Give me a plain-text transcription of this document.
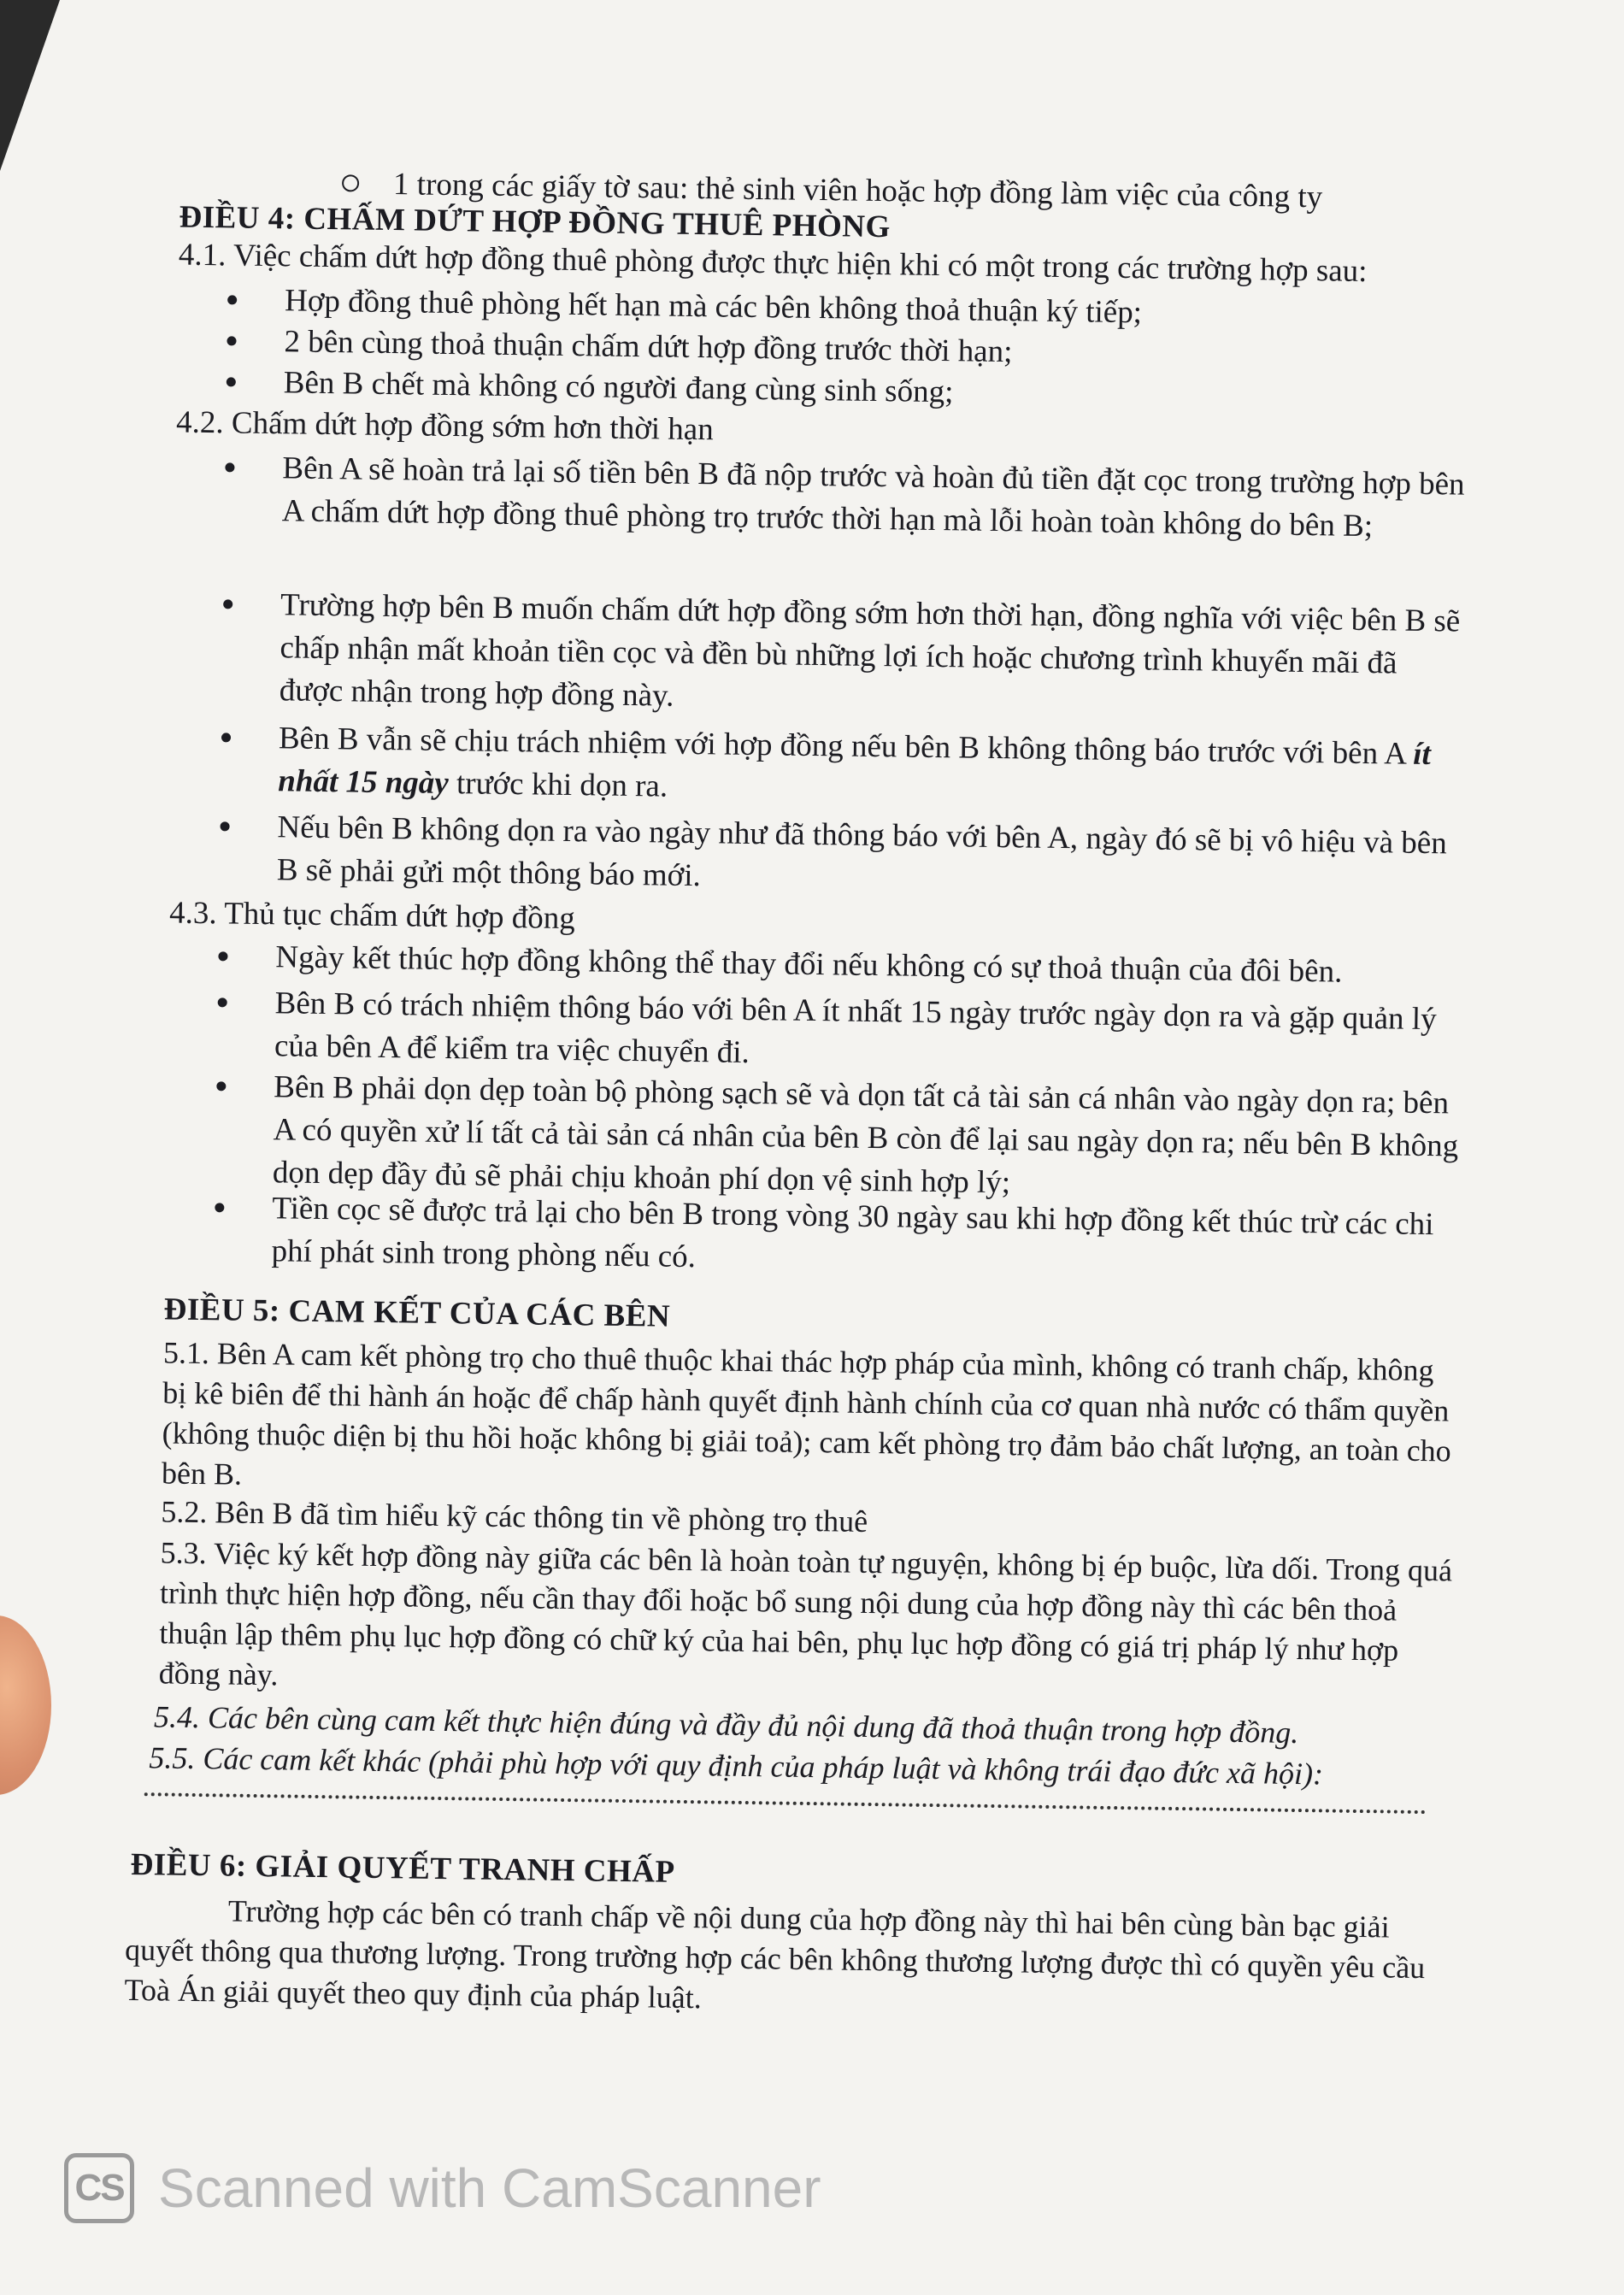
1 trong các giấy tờ sau: thẻ sinh viên hoặc hợp đồng làm việc của công ty
ĐIỀU 4: CHẤM DỨT HỢP ĐỒNG THUÊ PHÒNG
4.1. Việc chấm dứt hợp đồng thuê phòng được thực hiện khi có một trong các trường hợp sau:
Hợp đồng thuê phòng hết hạn mà các bên không thoả thuận ký tiếp;
2 bên cùng thoả thuận chấm dứt hợp đồng trước thời hạn;
Bên B chết mà không có người đang cùng sinh sống;
4.2. Chấm dứt hợp đồng sớm hơn thời hạn
Bên A sẽ hoàn trả lại số tiền bên B đã nộp trước và hoàn đủ tiền đặt cọc trong trường hợp bên A chấm dứt hợp đồng thuê phòng trọ trước thời hạn mà lỗi hoàn toàn không do bên B;
Trường hợp bên B muốn chấm dứt hợp đồng sớm hơn thời hạn, đồng nghĩa với việc bên B sẽ chấp nhận mất khoản tiền cọc và đền bù những lợi ích hoặc chương trình khuyến mãi đã được nhận trong hợp đồng này.
Bên B vẫn sẽ chịu trách nhiệm với hợp đồng nếu bên B không thông báo trước với bên A ít nhất 15 ngày trước khi dọn ra.
Nếu bên B không dọn ra vào ngày như đã thông báo với bên A, ngày đó sẽ bị vô hiệu và bên B sẽ phải gửi một thông báo mới.
4.3. Thủ tục chấm dứt hợp đồng
Ngày kết thúc hợp đồng không thể thay đổi nếu không có sự thoả thuận của đôi bên.
Bên B có trách nhiệm thông báo với bên A ít nhất 15 ngày trước ngày dọn ra và gặp quản lý của bên A để kiểm tra việc chuyển đi.
Bên B phải dọn dẹp toàn bộ phòng sạch sẽ và dọn tất cả tài sản cá nhân vào ngày dọn ra; bên A có quyền xử lí tất cả tài sản cá nhân của bên B còn để lại sau ngày dọn ra; nếu bên B không dọn dẹp đầy đủ sẽ phải chịu khoản phí dọn vệ sinh hợp lý;
Tiền cọc sẽ được trả lại cho bên B trong vòng 30 ngày sau khi hợp đồng kết thúc trừ các chi phí phát sinh trong phòng nếu có.
ĐIỀU 5: CAM KẾT CỦA CÁC BÊN
5.1. Bên A cam kết phòng trọ cho thuê thuộc khai thác hợp pháp của mình, không có tranh chấp, không bị kê biên để thi hành án hoặc để chấp hành quyết định hành chính của cơ quan nhà nước có thẩm quyền (không thuộc diện bị thu hồi hoặc không bị giải toả); cam kết phòng trọ đảm bảo chất lượng, an toàn cho bên B.
5.2. Bên B đã tìm hiểu kỹ các thông tin về phòng trọ thuê
5.3. Việc ký kết hợp đồng này giữa các bên là hoàn toàn tự nguyện, không bị ép buộc, lừa dối. Trong quá trình thực hiện hợp đồng, nếu cần thay đổi hoặc bổ sung nội dung của hợp đồng này thì các bên thoả thuận lập thêm phụ lục hợp đồng có chữ ký của hai bên, phụ lục hợp đồng có giá trị pháp lý như hợp đồng này.
5.4. Các bên cùng cam kết thực hiện đúng và đầy đủ nội dung đã thoả thuận trong hợp đồng.
5.5. Các cam kết khác (phải phù hợp với quy định của pháp luật và không trái đạo đức xã hội):
ĐIỀU 6: GIẢI QUYẾT TRANH CHẤP
Trường hợp các bên có tranh chấp về nội dung của hợp đồng này thì hai bên cùng bàn bạc giải quyết thông qua thương lượng. Trong trường hợp các bên không thương lượng được thì có quyền yêu cầu Toà Án giải quyết theo quy định của pháp luật.
CS Scanned with CamScanner
